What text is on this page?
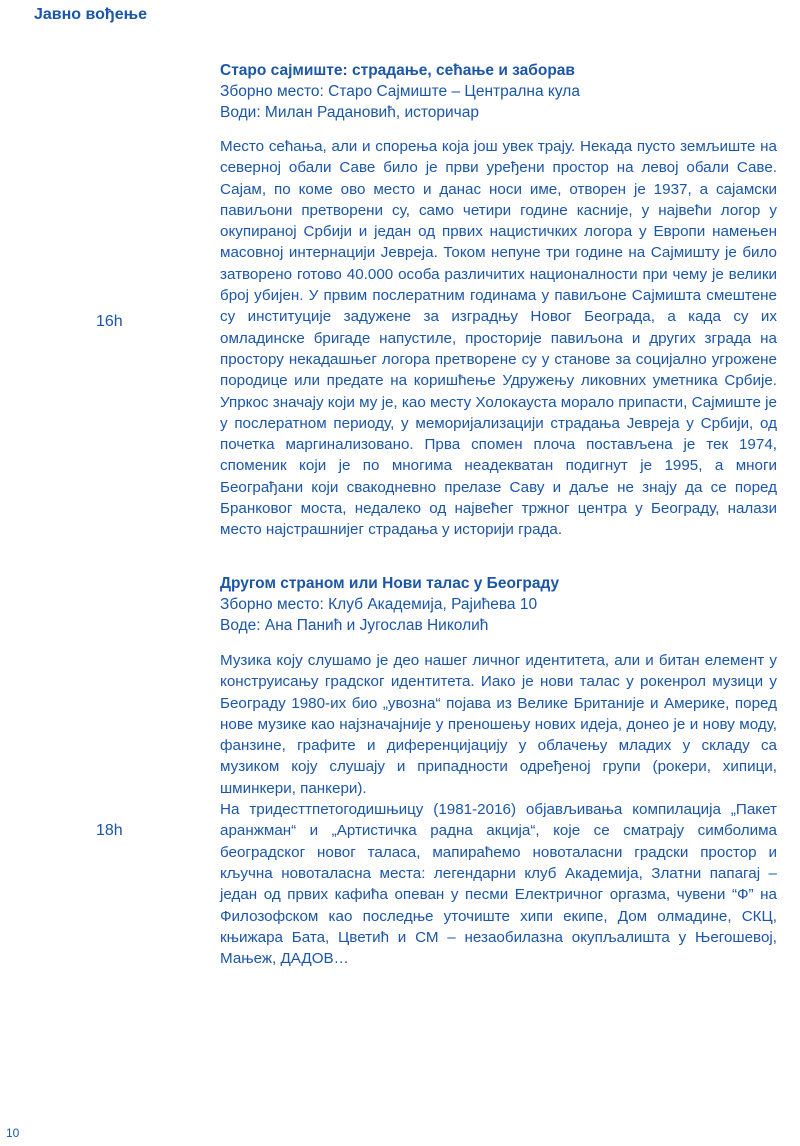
Јавно вођење
16h

Старо сајмиште: страдање, сећање и заборав

Зборно место: Старо Сајмиште – Централна кула

Води: Милан Радановић, историчар

Место сећања, али и спорења која још увек трају. Некада пусто земљиште на северној обали Саве било је први уређени простор на левој обали Саве. Сајам, по коме ово место и данас носи име, отворен је 1937, а сајамски павиљони претворени су, само четири године касније, у највећи логор у окупираној Србији и један од првих нацистичких логора у Европи намењен масовној интернацији Јевреја. Током непуне три године на Сајмишту је било затворено готово 40.000 особа различитих националности при чему је велики број убијен. У првим послератним годинама у павиљоне Сајмишта смештене су институције задужене за изградњу Новог Београда, а када су их омладинске бригаде напустиле, просторије павиљона и других зграда на простору некадашњег логора претворене су у станове за социјално угрожене породице или предате на коришћење Удружењу ликовних уметника Србије. Упркос значају који му је, као месту Холокауста морало припасти, Сајмиште је у послератном периоду, у меморијализацији страдања Јевреја у Србији, од почетка маргинализовано. Прва спомен плоча постављена је тек 1974, споменик који је по многима неадекватан подигнут је 1995, а многи Београђани који свакодневно прелазе Саву и даље не знају да се поред Бранковог моста, недалеко од највећег тржног центра у Београду, налази место најстрашнијег страдања у историји града.

18h

Другом страном или Нови талас у Београду

Зборно место: Клуб Академија, Рајићева 10

Воде: Ана Панић и Југослав Николић

Музика коју слушамо је део нашег личног идентитета, али и битан елемент у конструисању градског идентитета. Иако је нови талас у рокенрол музици у Београду 1980-их био „увозна“ појава из Велике Британије и Америке, поред нове музике као најзначајније у преношењу нових идеја, донео је и нову моду, фанзине, графите и диференцијацију у облачењу младих у складу са музиком коју слушају и припадности одређеној групи (рокери, хипици, шминкери, панкери).

На тридесттпетогодишњицу (1981-2016) објављивања компилација „Пакет аранжман“ и „Артистичка радна акција“, које се сматрају симболима београдског новог таласа, мапираћемо новоталасни градски простор и кључна новоталасна места: легендарни клуб Академија, Златни папагај – један од првих кафића опеван у песми Електричног оргазма, чувени “Ф” на Филозофском као последње уточиште хипи екипе, Дом олмадине, СКЦ, књижара Бата, Цветић и СМ – незаобилазна окупљалишта у Његошевој, Мањеж, ДАДОВ…

10
